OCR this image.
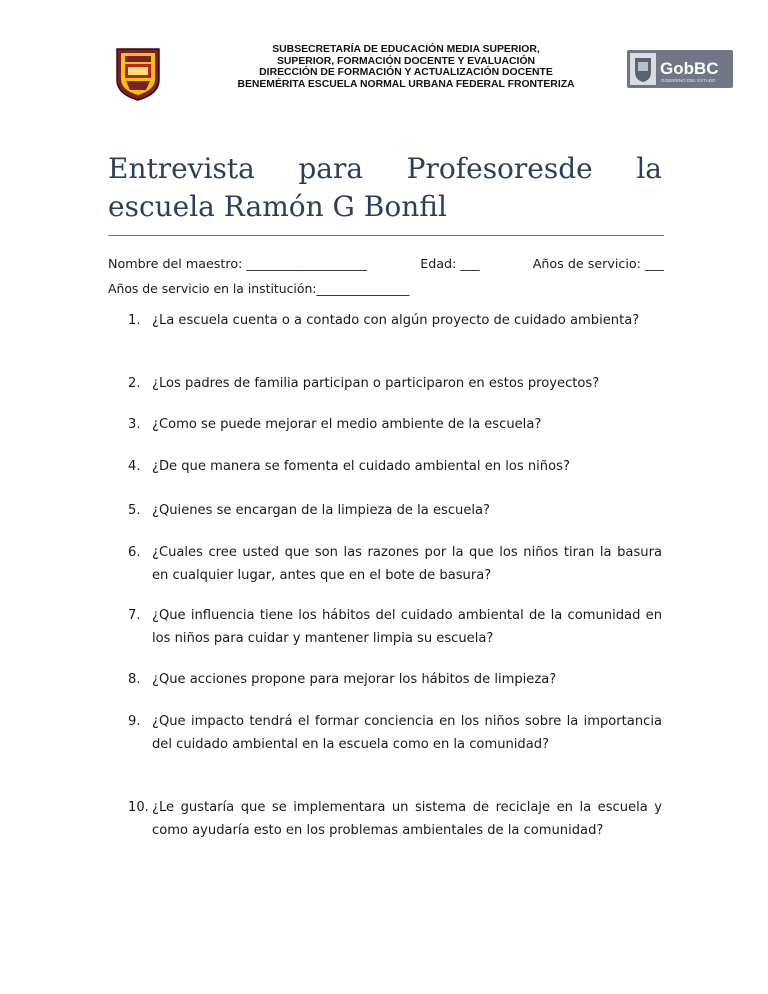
SUBSECRETARÍA DE EDUCACIÓN MEDIA SUPERIOR,
SUPERIOR, FORMACIÓN DOCENTE Y EVALUACIÓN
DIRECCIÓN DE FORMACIÓN Y ACTUALIZACIÓN DOCENTE
BENEMÉRITA ESCUELA NORMAL URBANA FEDERAL FRONTERIZA
GobBC
GOBIERNO DEL ESTADO
Entrevista para Profesoresde la
escuela Ramón G Bonfil
Nombre del maestro: ___________________	Edad: ___	Años de servicio: ___
Años de servicio en la institución:_______________
1. ¿La escuela cuenta o a contado con algún proyecto de cuidado ambienta?
2. ¿Los padres de familia participan o participaron en estos proyectos?
3. ¿Como se puede mejorar el medio ambiente de la escuela?
4. ¿De que manera se fomenta el cuidado ambiental en los niños?
5. ¿Quienes se encargan de la limpieza de la escuela?
6. ¿Cuales cree usted que son las razones por la que los niños tiran la basura en cualquier lugar, antes que en el bote de basura?
7. ¿Que influencia tiene los hábitos del cuidado ambiental de la comunidad en los niños para cuidar y mantener limpia su escuela?
8. ¿Que acciones propone para mejorar los hábitos de limpieza?
9. ¿Que impacto tendrá el formar conciencia en los niños sobre la importancia del cuidado ambiental en la escuela como en la comunidad?
10. ¿Le gustaría que se implementara un sistema de reciclaje en la escuela y como ayudaría esto en los problemas ambientales de la comunidad?
